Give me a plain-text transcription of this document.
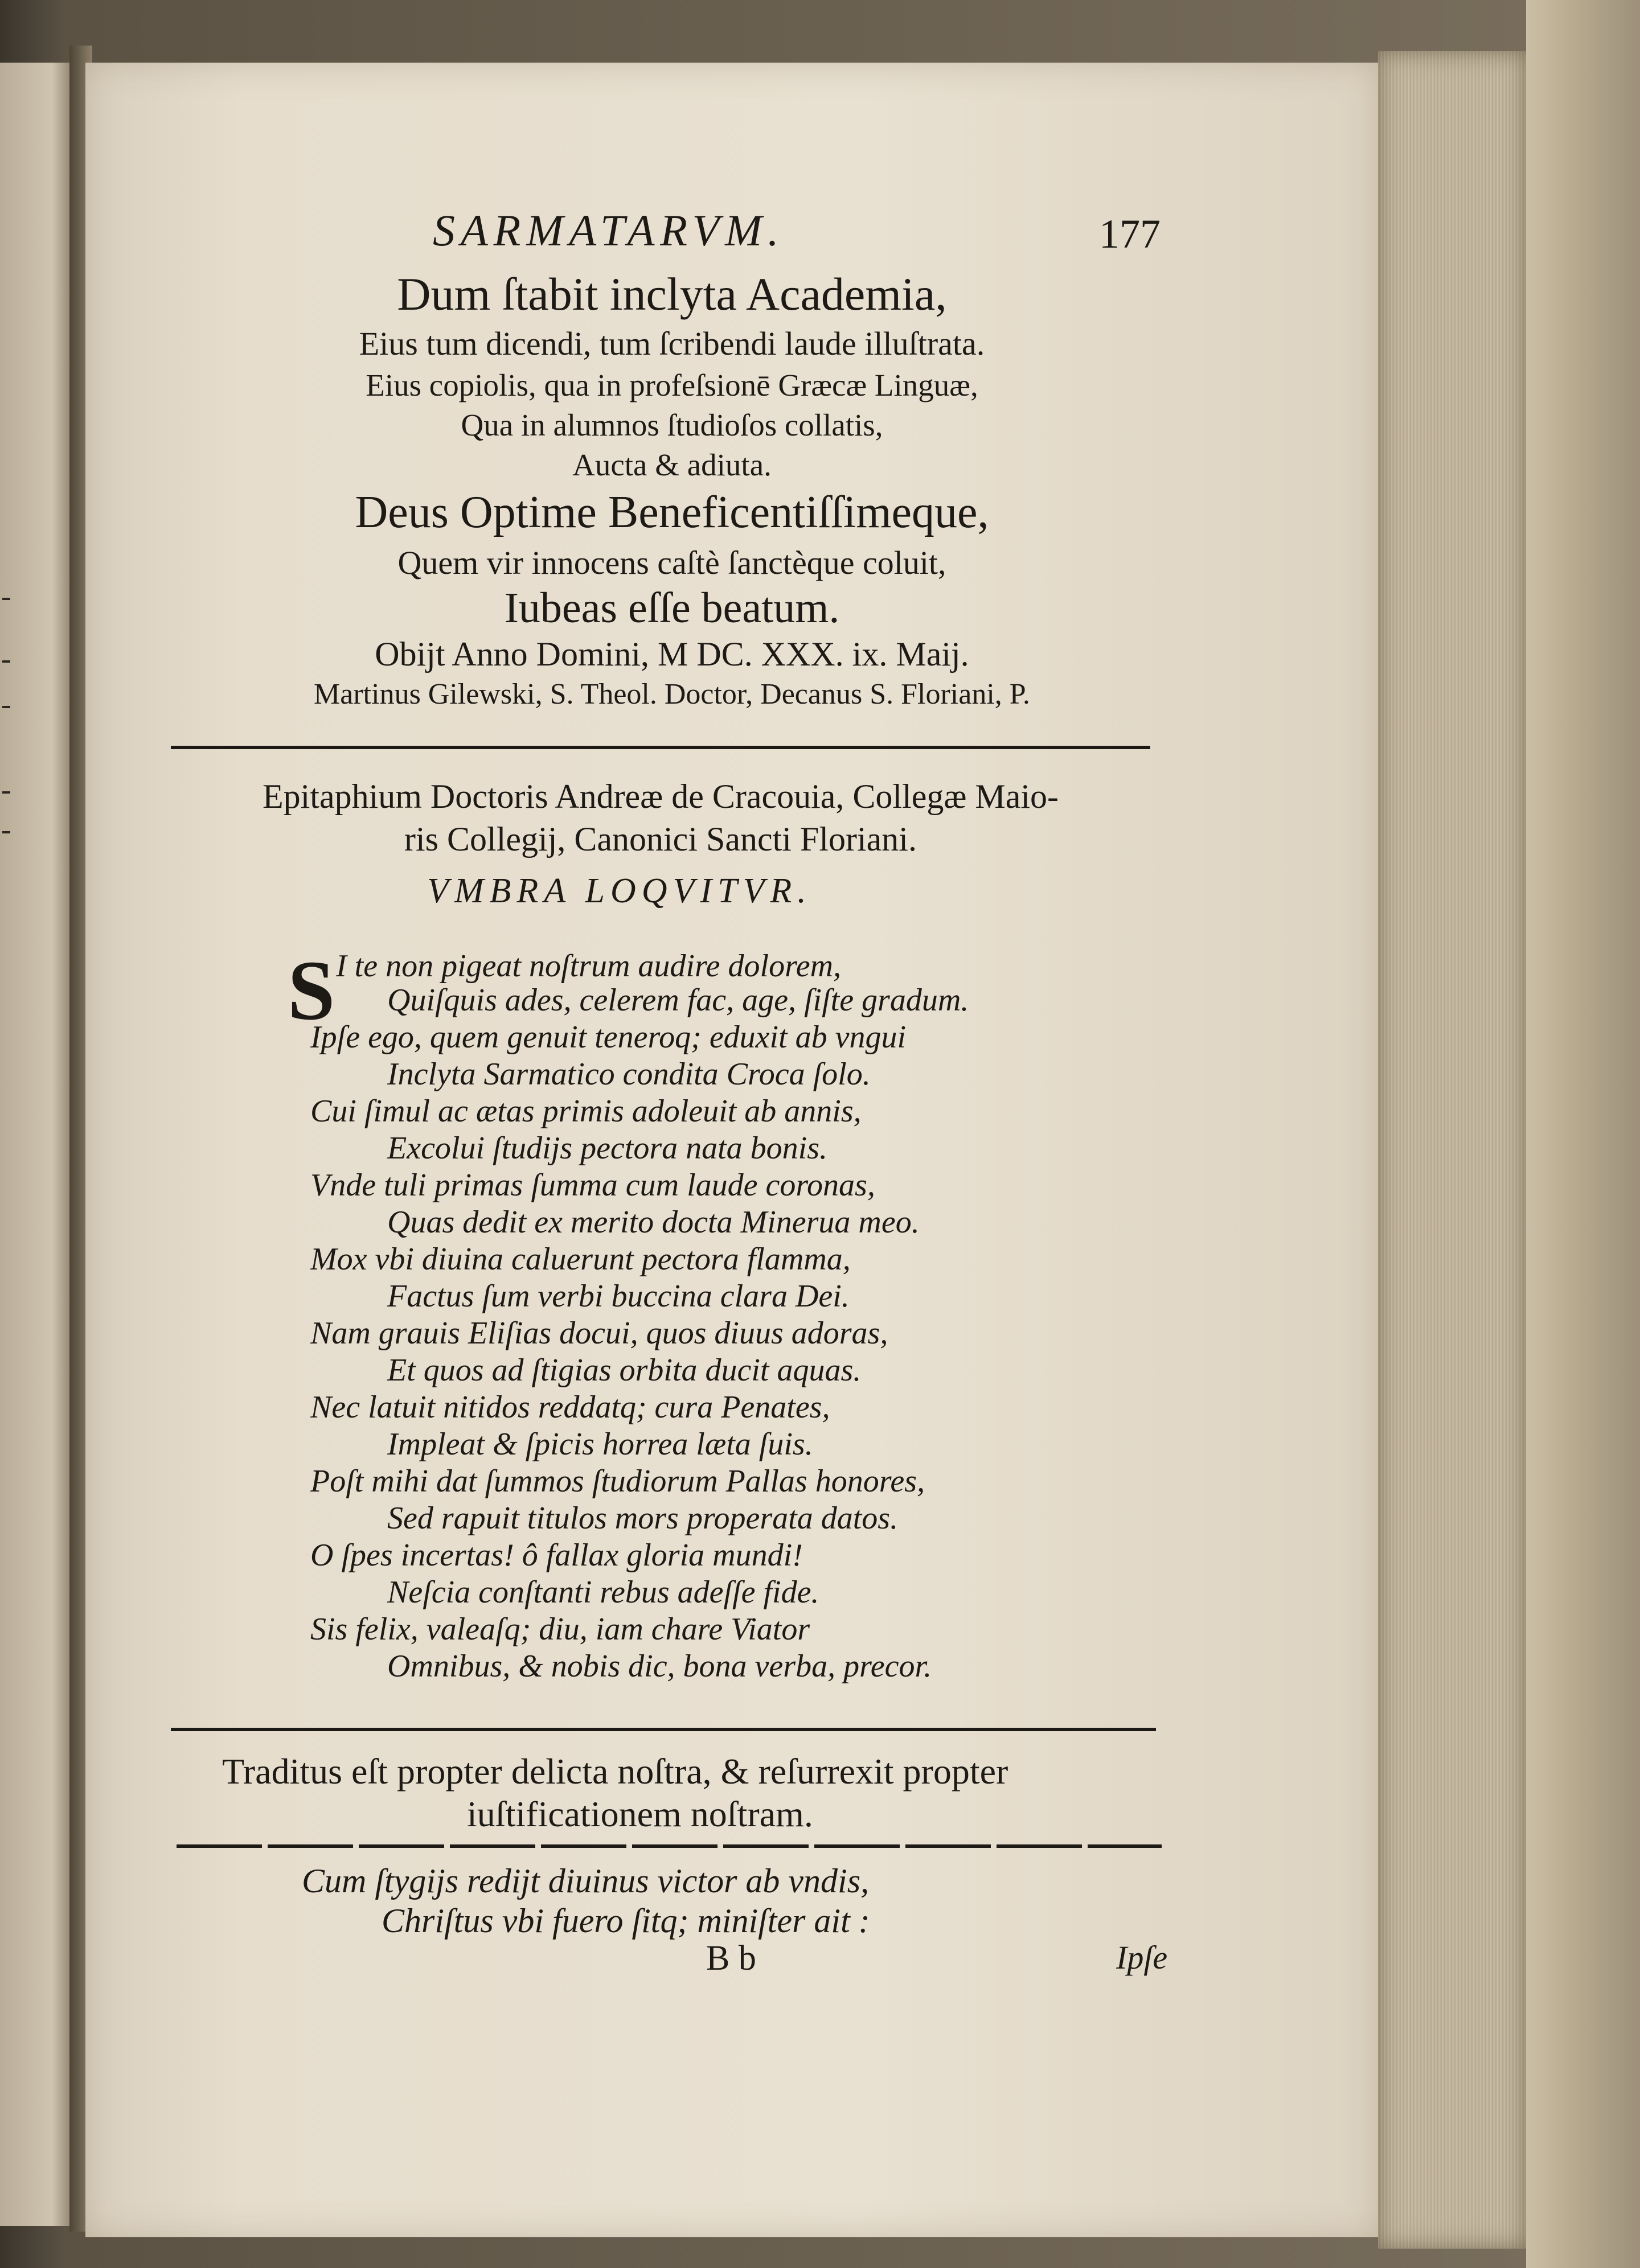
SARMATARVM.	177
Dum ſtabit inclyta Academia,
Eius tum dicendi, tum ſcribendi laude illuſtrata.
Eius copiolis, qua in profeſsionē Græcæ Linguæ,
Qua in alumnos ſtudioſos collatis,
Aucta & adiuta.
Deus Optime Beneficentiſſimeque,
Quem vir innocens caſtè ſanctèque coluit,
Iubeas eſſe beatum.
Obijt Anno Domini, M DC. XXX. ix. Maij.
Martinus Gilewski, S. Theol. Doctor, Decanus S. Floriani, P.
Epitaphium Doctoris Andreæ de Cracouia, Collegæ Maio-
ris Collegij, Canonici Sancti Floriani.
VMBRA LOQVITVR.
S I te non pigeat noſtrum audire dolorem,
Quiſquis ades, celerem fac, age, ſiſte gradum.
Ipſe ego, quem genuit teneroq; eduxit ab vngui
Inclyta Sarmatico condita Croca ſolo.
Cui ſimul ac ætas primis adoleuit ab annis,
Excolui ſtudijs pectora nata bonis.
Vnde tuli primas ſumma cum laude coronas,
Quas dedit ex merito docta Minerua meo.
Mox vbi diuina caluerunt pectora flamma,
Factus ſum verbi buccina clara Dei.
Nam grauis Eliſias docui, quos diuus adoras,
Et quos ad ſtigias orbita ducit aquas.
Nec latuit nitidos reddatq; cura Penates,
Impleat & ſpicis horrea læta ſuis.
Poſt mihi dat ſummos ſtudiorum Pallas honores,
Sed rapuit titulos mors properata datos.
O ſpes incertas! ô fallax gloria mundi!
Neſcia conſtanti rebus adeſſe fide.
Sis felix, valeaſq; diu, iam chare Viator
Omnibus, & nobis dic, bona verba, precor.
Traditus eſt propter delicta noſtra, & reſurrexit propter
iuſtificationem noſtram.
Cum ſtygijs redijt diuinus victor ab vndis,
Chriſtus vbi fuero ſitq; miniſter ait :
B b	Ipſe
